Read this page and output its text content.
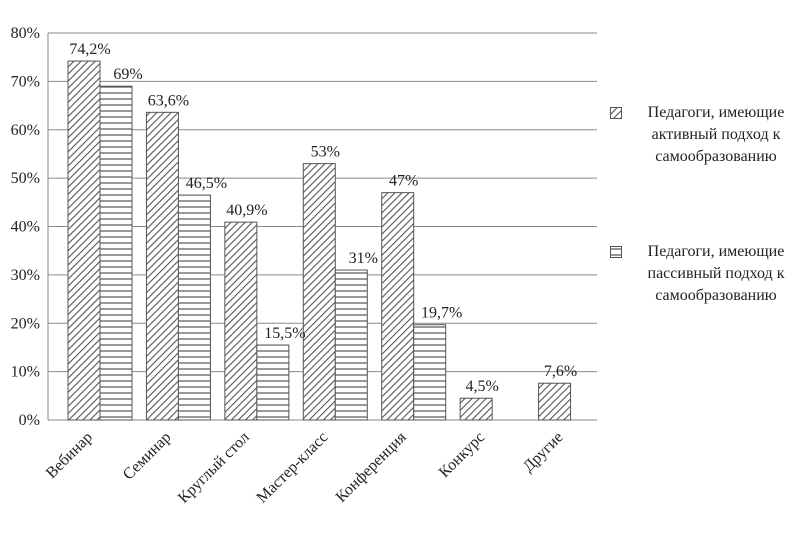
0%
10%
20%
30%
40%
50%
60%
70%
80%
74,2%
69%
63,6%
46,5%
40,9%
15,5%
53%
31%
47%
19,7%
4,5%
7,6%
Вебинар Семинар Круглый стол Мастер-класс Конференция Конкурс Другие
Педагоги, имеющие активный подход к самообразованию
Педагоги, имеющие пассивный подход к самообразованию
